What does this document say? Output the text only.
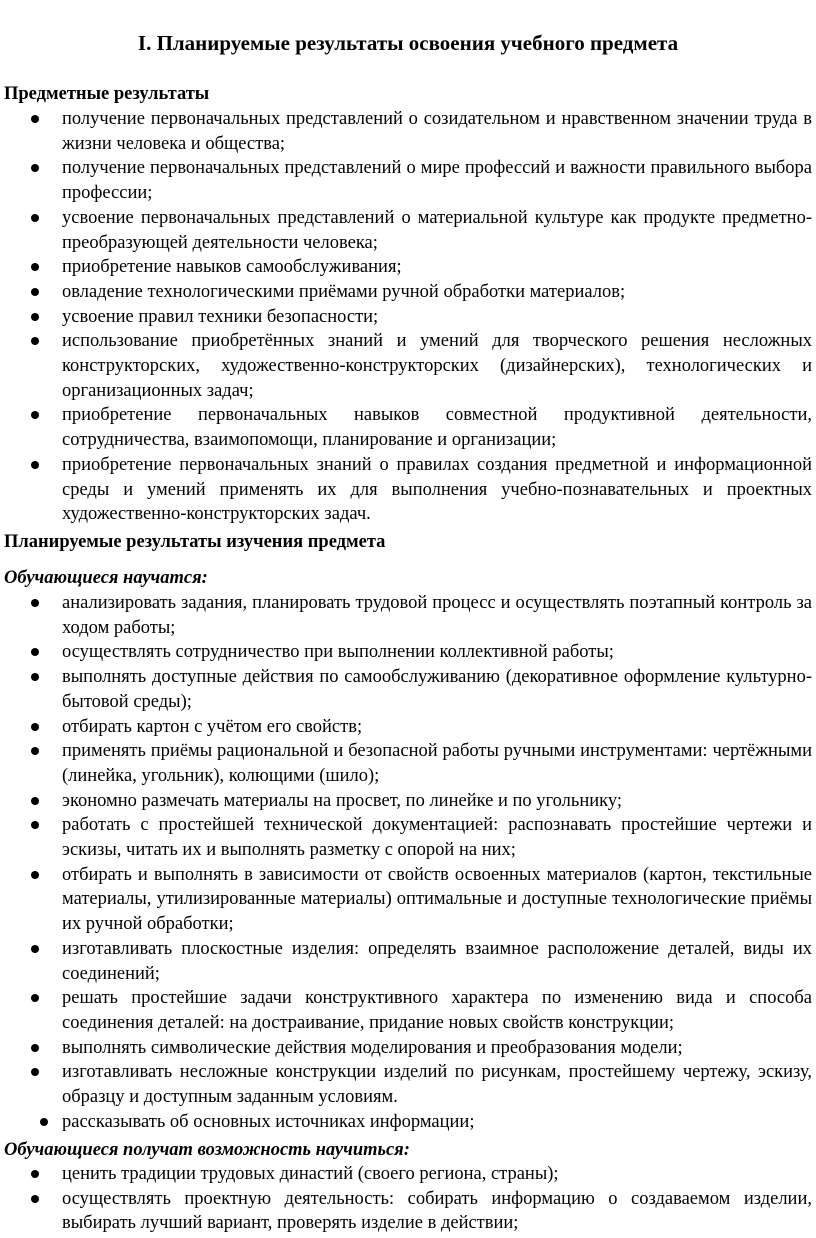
I. Планируемые результаты освоения учебного предмета
Предметные результаты
получение первоначальных представлений о созидательном и нравственном значении труда в жизни человека и общества;
получение первоначальных представлений о мире профессий и важности правильного выбора профессии;
усвоение первоначальных представлений о материальной культуре как продукте предметно-преобразующей деятельности человека;
приобретение навыков самообслуживания;
овладение технологическими приёмами ручной обработки материалов;
усвоение правил техники безопасности;
использование приобретённых знаний и умений для творческого решения несложных конструкторских, художественно-конструкторских (дизайнерских), технологических и организационных задач;
приобретение первоначальных навыков совместной продуктивной деятельности, сотрудничества, взаимопомощи, планирование и организации;
приобретение первоначальных знаний о правилах создания предметной и информационной среды и умений применять их для выполнения учебно-познавательных и проектных художественно-конструкторских задач.
Планируемые результаты изучения предмета
Обучающиеся научатся:
анализировать задания, планировать трудовой процесс и осуществлять поэтапный контроль за ходом работы;
осуществлять сотрудничество при выполнении коллективной работы;
выполнять доступные действия по самообслуживанию (декоративное оформление культурно-бытовой среды);
отбирать картон с учётом его свойств;
применять приёмы рациональной и безопасной работы ручными инструментами: чертёжными (линейка, угольник), колющими (шило);
экономно размечать материалы на просвет, по линейке и по угольнику;
работать с простейшей технической документацией: распознавать простейшие чертежи и эскизы, читать их и выполнять разметку с опорой на них;
отбирать и выполнять в зависимости от свойств освоенных материалов (картон, текстильные материалы, утилизированные материалы) оптимальные и доступные технологические приёмы их ручной обработки;
изготавливать плоскостные изделия: определять взаимное расположение деталей, виды их соединений;
решать простейшие задачи конструктивного характера по изменению вида и способа соединения деталей: на достраивание, придание новых свойств конструкции;
выполнять символические действия моделирования и преобразования модели;
изготавливать несложные конструкции изделий по рисункам, простейшему чертежу, эскизу, образцу и доступным заданным условиям.
рассказывать об основных источниках информации;
Обучающиеся получат возможность научиться:
ценить традиции трудовых династий (своего региона, страны);
осуществлять проектную деятельность: собирать информацию о создаваемом изделии, выбирать лучший вариант, проверять изделие в действии;
